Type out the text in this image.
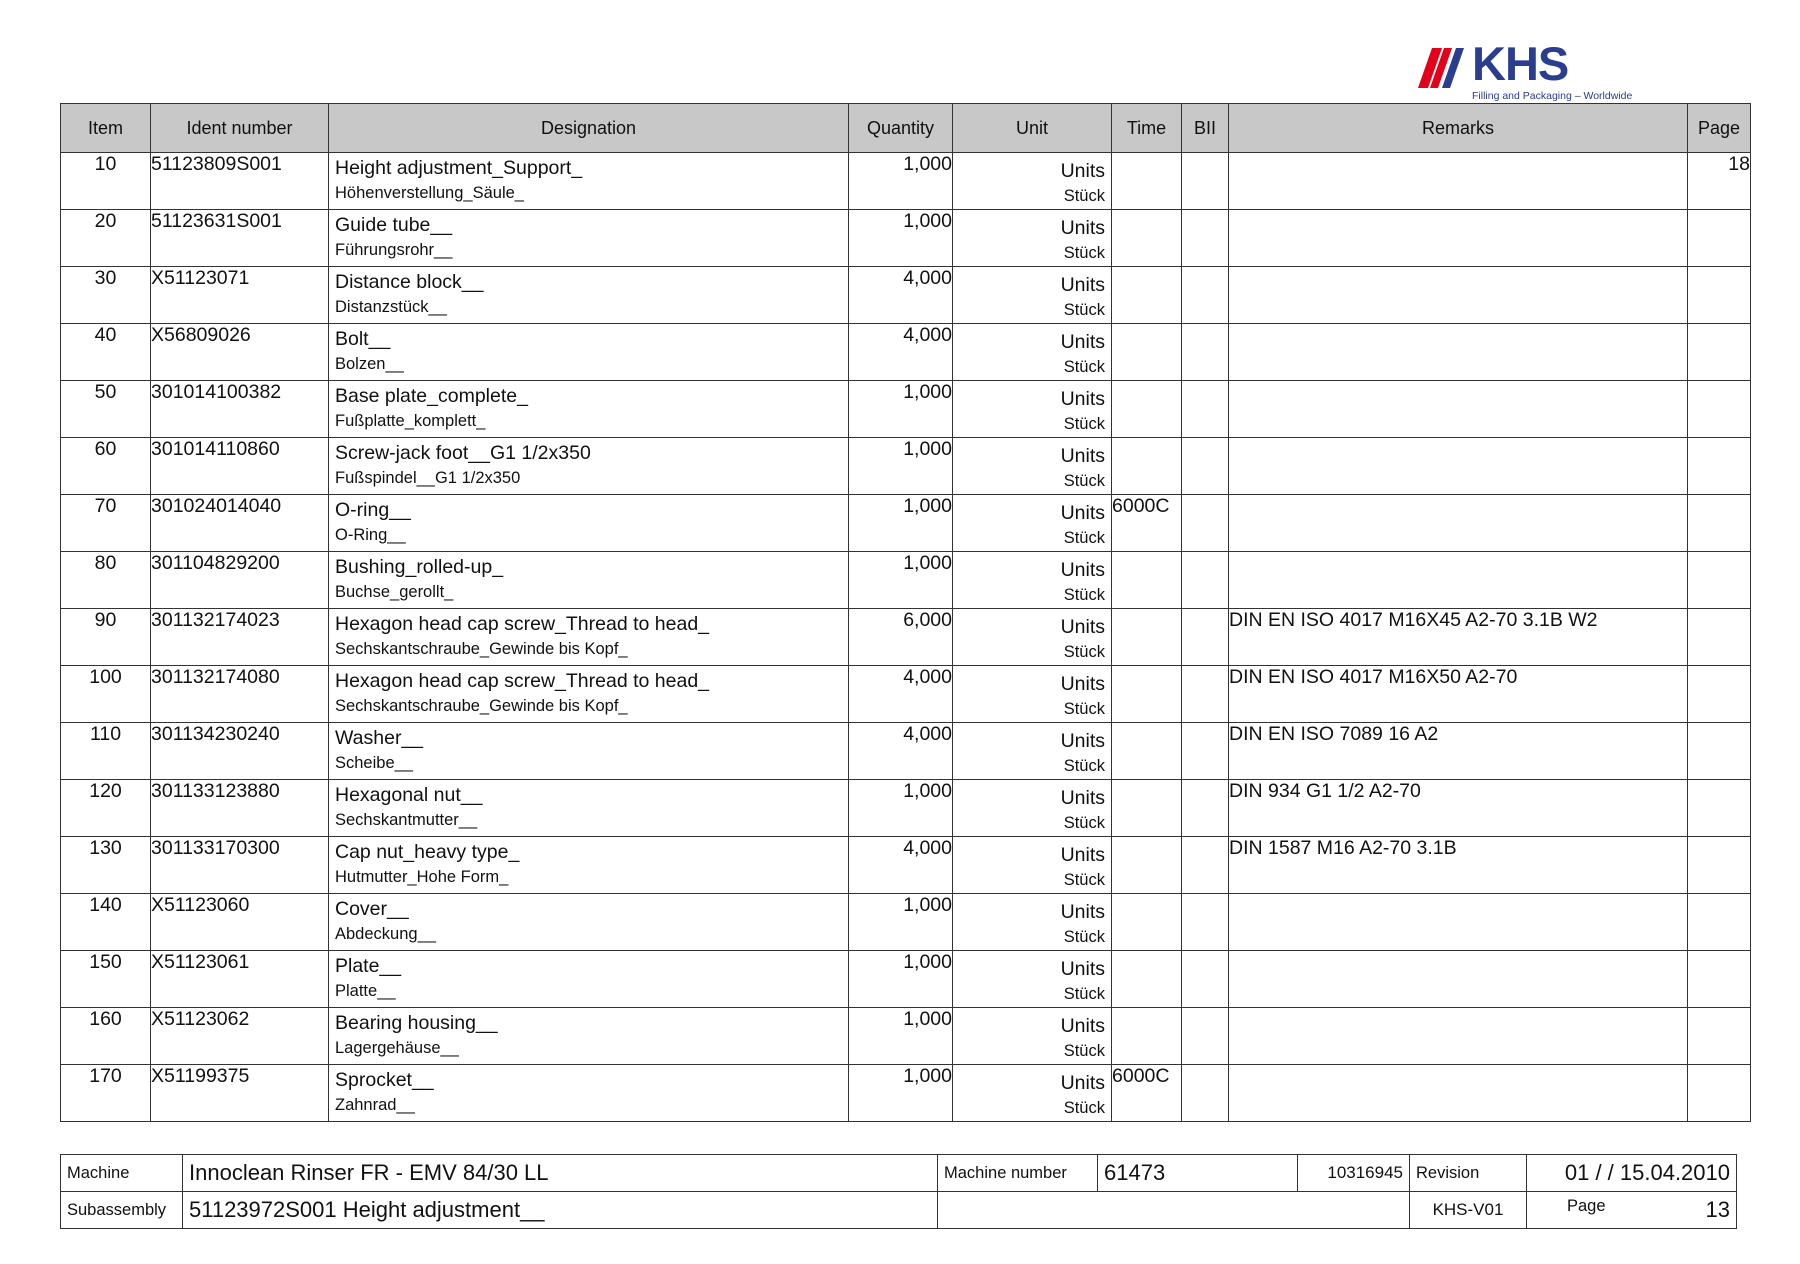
KHS
Filling and Packaging – Worldwide
Item	Ident number	Designation	Quantity	Unit	Time	BII	Remarks	Page
10	51123809S001	Height adjustment_Support_
Höhenverstellung_Säule_	1,000	Units
Stück				18
20	51123631S001	Guide tube__
Führungsrohr__	1,000	Units
Stück				

30	X51123071	Distance block__
Distanzstück__	4,000	Units
Stück				

40	X56809026	Bolt__
Bolzen__	4,000	Units
Stück				

50	301014100382	Base plate_complete_
Fußplatte_komplett_	1,000	Units
Stück				

60	301014110860	Screw-jack foot__G1 1/2x350
Fußspindel__G1 1/2x350	1,000	Units
Stück				

70	301024014040	O-ring__
O-Ring__	1,000	Units
Stück	6000C			
80	301104829200	Bushing_rolled-up_
Buchse_gerollt_	1,000	Units
Stück				

90	301132174023	Hexagon head cap screw_Thread to head_
Sechskantschraube_Gewinde bis Kopf_	6,000	Units
Stück			DIN EN ISO 4017 M16X45 A2-70 3.1B W2	
100	301132174080	Hexagon head cap screw_Thread to head_
Sechskantschraube_Gewinde bis Kopf_	4,000	Units
Stück			DIN EN ISO 4017 M16X50 A2-70	
110	301134230240	Washer__
Scheibe__	4,000	Units
Stück			DIN EN ISO 7089 16 A2	
120	301133123880	Hexagonal nut__
Sechskantmutter__	1,000	Units
Stück			DIN 934 G1 1/2 A2-70	
130	301133170300	Cap nut_heavy type_
Hutmutter_Hohe Form_	4,000	Units
Stück			DIN 1587 M16 A2-70 3.1B	
140	X51123060	Cover__
Abdeckung__	1,000	Units
Stück				

150	X51123061	Plate__
Platte__	1,000	Units
Stück				

160	X51123062	Bearing housing__
Lagergehäuse__	1,000	Units
Stück				

170	X51199375	Sprocket__
Zahnrad__	1,000	Units
Stück	6000C			
Machine	Innoclean Rinser FR - EMV 84/30 LL	Machine number	61473	10316945	Revision	01 / / 15.04.2010
Subassembly	51123972S001 Height adjustment__				KHS-V01	Page 13
